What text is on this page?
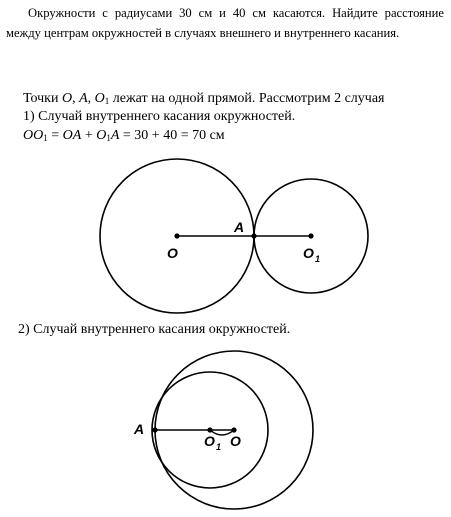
Окружности с радиусами 30 см и 40 см касаются. Найдите расстояние между центрам окружностей в случаях внешнего и внутреннего касания.
Точки O, A, $O_1$ лежат на одной прямой. Рассмотрим 2 случая
1) Случай внутреннего касания окружностей.
$OO_1$ = OA + $O_1A = 30 + 40 = 70$ см
2) Случай внутреннего касания окружностей.
O
A
O 1
A
O 1 O
